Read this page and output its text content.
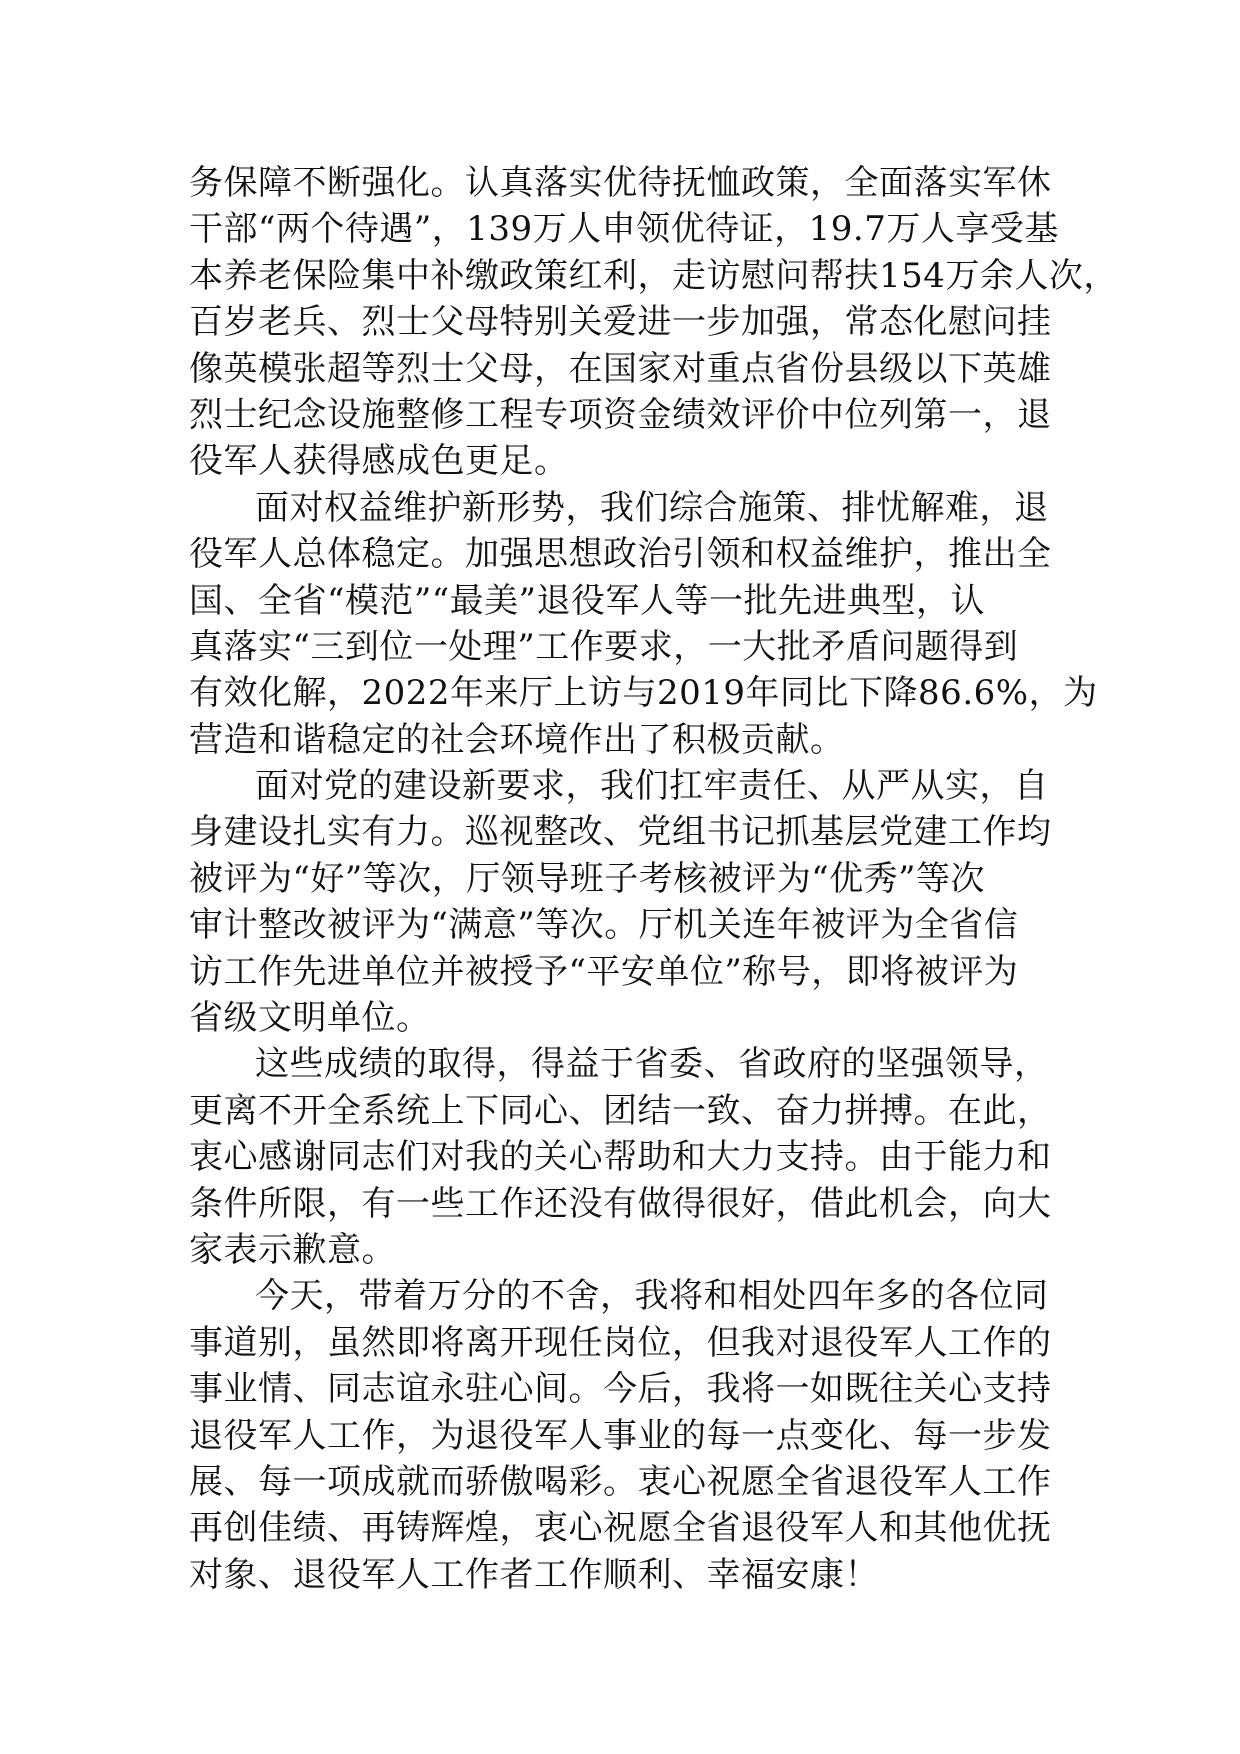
务保障不断强化。认真落实优待抚恤政策，全面落实军休
干部“两个待遇”，139万人申领优待证，19.7万人享受基
本养老保险集中补缴政策红利，走访慰问帮扶154万余人次，
百岁老兵、烈士父母特别关爱进一步加强，常态化慰问挂
像英模张超等烈士父母，在国家对重点省份县级以下英雄
烈士纪念设施整修工程专项资金绩效评价中位列第一，退
役军人获得感成色更足。
面对权益维护新形势，我们综合施策、排忧解难，退
役军人总体稳定。加强思想政治引领和权益维护，推出全
国、全省“模范”“最美”退役军人等一批先进典型，认
真落实“三到位一处理”工作要求，一大批矛盾问题得到
有效化解，2022年来厅上访与2019年同比下降86.6%，为
营造和谐稳定的社会环境作出了积极贡献。
面对党的建设新要求，我们扛牢责任、从严从实，自
身建设扎实有力。巡视整改、党组书记抓基层党建工作均
被评为“好”等次，厅领导班子考核被评为“优秀”等次
审计整改被评为“满意”等次。厅机关连年被评为全省信
访工作先进单位并被授予“平安单位”称号，即将被评为
省级文明单位。
这些成绩的取得，得益于省委、省政府的坚强领导，
更离不开全系统上下同心、团结一致、奋力拼搏。在此，
衷心感谢同志们对我的关心帮助和大力支持。由于能力和
条件所限，有一些工作还没有做得很好，借此机会，向大
家表示歉意。
今天，带着万分的不舍，我将和相处四年多的各位同
事道别，虽然即将离开现任岗位，但我对退役军人工作的
事业情、同志谊永驻心间。今后，我将一如既往关心支持
退役军人工作，为退役军人事业的每一点变化、每一步发
展、每一项成就而骄傲喝彩。衷心祝愿全省退役军人工作
再创佳绩、再铸辉煌，衷心祝愿全省退役军人和其他优抚
对象、退役军人工作者工作顺利、幸福安康！
